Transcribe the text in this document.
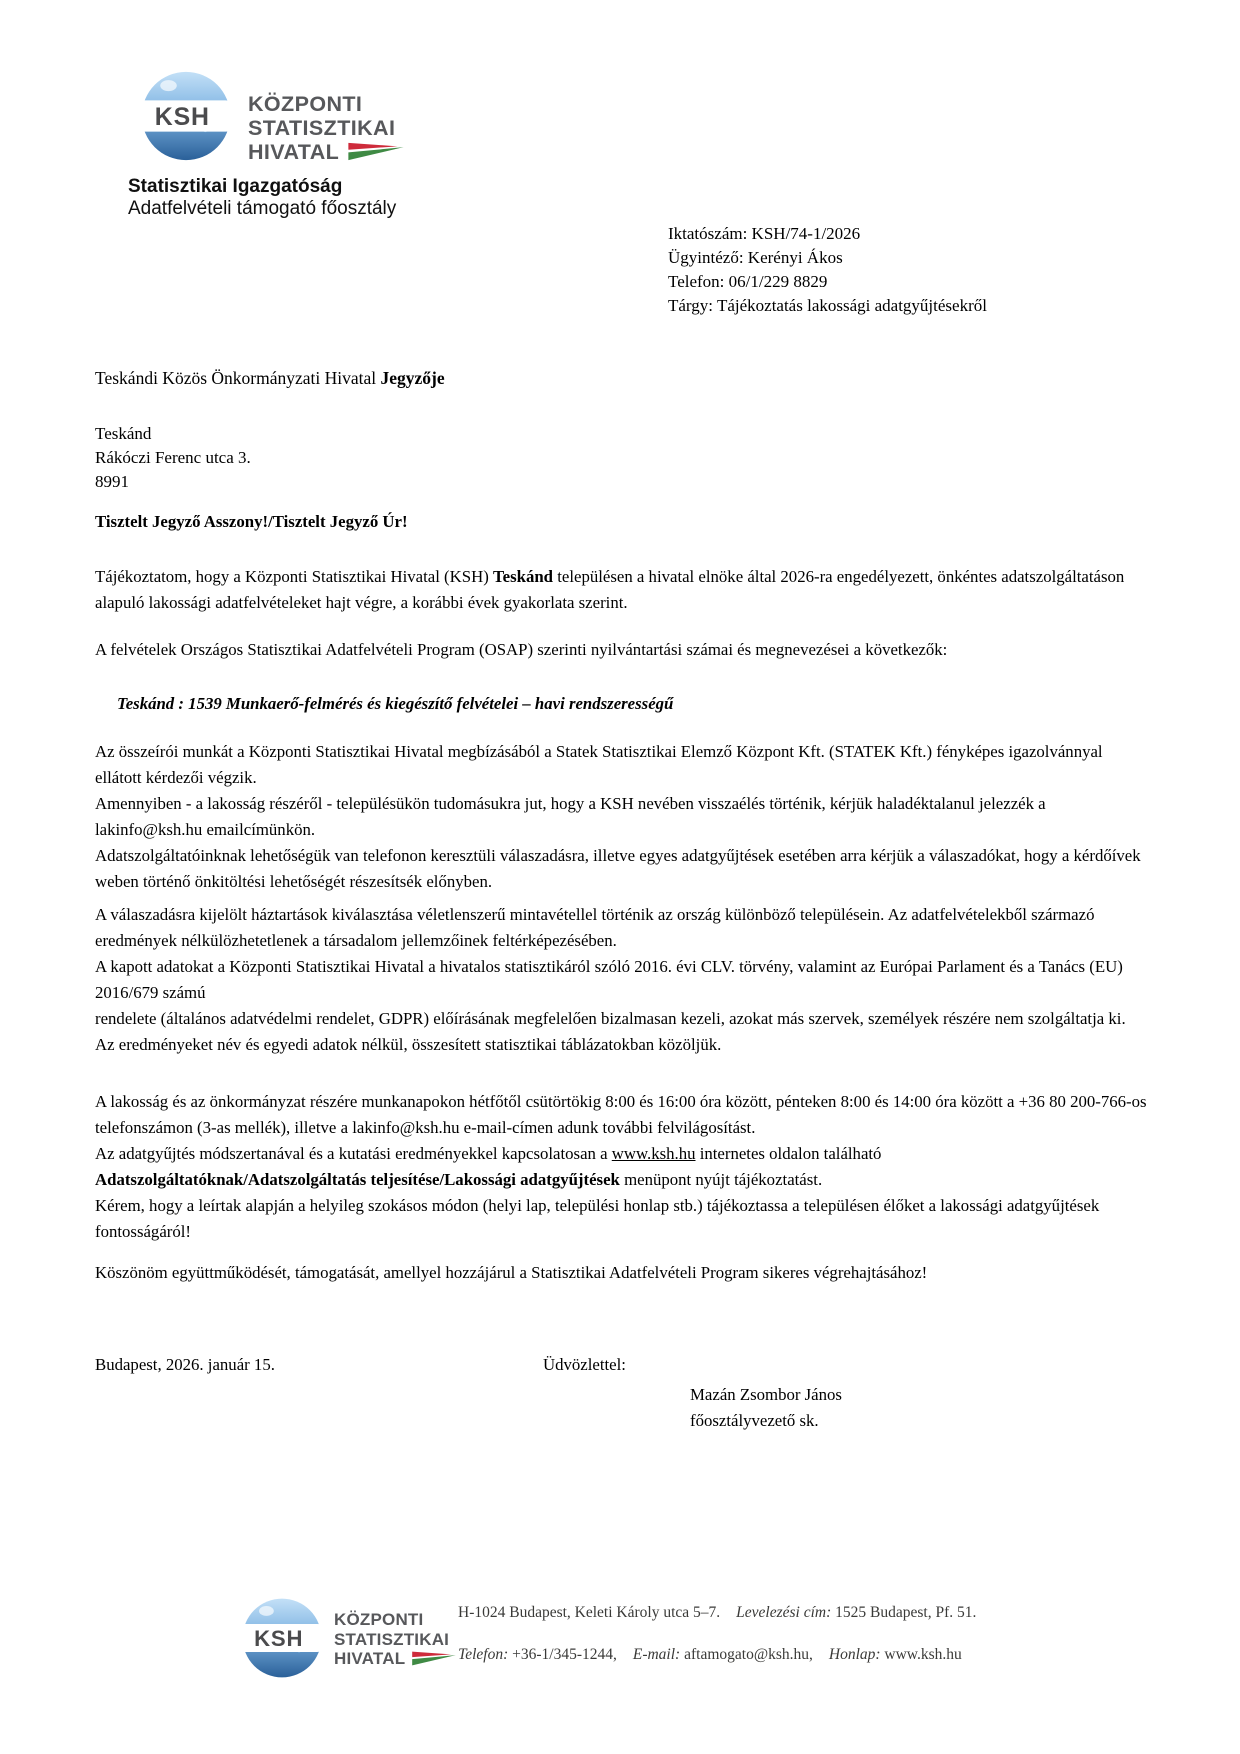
KSH
KÖZPONTI
STATISZTIKAI
HIVATAL
Statisztikai Igazgatóság
Adatfelvételi támogató főosztály
Iktatószám: KSH/74-1/2026
Ügyintéző: Kerényi Ákos
Telefon: 06/1/229 8829
Tárgy: Tájékoztatás lakossági adatgyűjtésekről
Teskándi Közös Önkormányzati Hivatal Jegyzője
Teskánd
Rákóczi Ferenc utca 3.
8991
Tisztelt Jegyző Asszony!/Tisztelt Jegyző Úr!
Tájékoztatom, hogy a Központi Statisztikai Hivatal (KSH) Teskánd településen a hivatal elnöke által 2026-ra engedélyezett, önkéntes adatszolgáltatáson alapuló lakossági adatfelvételeket hajt végre, a korábbi évek gyakorlata szerint.
A felvételek Országos Statisztikai Adatfelvételi Program (OSAP) szerinti nyilvántartási számai és megnevezései a következők:
Teskánd : 1539 Munkaerő-felmérés és kiegészítő felvételei – havi rendszerességű
Az összeírói munkát a Központi Statisztikai Hivatal megbízásából a Statek Statisztikai Elemző Központ Kft. (STATEK Kft.) fényképes igazolvánnyal ellátott kérdezői végzik.
Amennyiben - a lakosság részéről - településükön tudomásukra jut, hogy a KSH nevében visszaélés történik, kérjük haladéktalanul jelezzék a lakinfo@ksh.hu emailcímünkön.
Adatszolgáltatóinknak lehetőségük van telefonon keresztüli válaszadásra, illetve egyes adatgyűjtések esetében arra kérjük a válaszadókat, hogy a kérdőívek weben történő önkitöltési lehetőségét részesítsék előnyben.
A válaszadásra kijelölt háztartások kiválasztása véletlenszerű mintavétellel történik az ország különböző településein. Az adatfelvételekből származó eredmények nélkülözhetetlenek a társadalom jellemzőinek feltérképezésében.
A kapott adatokat a Központi Statisztikai Hivatal a hivatalos statisztikáról szóló 2016. évi CLV. törvény, valamint az Európai Parlament és a Tanács (EU) 2016/679 számú
rendelete (általános adatvédelmi rendelet, GDPR) előírásának megfelelően bizalmasan kezeli, azokat más szervek, személyek részére nem szolgáltatja ki.
Az eredményeket név és egyedi adatok nélkül, összesített statisztikai táblázatokban közöljük.
A lakosság és az önkormányzat részére munkanapokon hétfőtől csütörtökig 8:00 és 16:00 óra között, pénteken 8:00 és 14:00 óra között a +36 80 200-766-os telefonszámon (3-as mellék), illetve a lakinfo@ksh.hu e-mail-címen adunk további felvilágosítást.
Az adatgyűjtés módszertanával és a kutatási eredményekkel kapcsolatosan a www.ksh.hu internetes oldalon található Adatszolgáltatóknak/Adatszolgáltatás teljesítése/Lakossági adatgyűjtések menüpont nyújt tájékoztatást.
Kérem, hogy a leírtak alapján a helyileg szokásos módon (helyi lap, települési honlap stb.) tájékoztassa a településen élőket a lakossági adatgyűjtések fontosságáról!
Köszönöm együttműködését, támogatását, amellyel hozzájárul a Statisztikai Adatfelvételi Program sikeres végrehajtásához!
Budapest, 2026. január 15.	Üdvözlettel:
Mazán Zsombor János
főosztályvezető sk.
KSH
KÖZPONTI
STATISZTIKAI
HIVATAL
H-1024 Budapest, Keleti Károly utca 5–7. Levelezési cím: 1525 Budapest, Pf. 51.
Telefon: +36-1/345-1244, E-mail: aftamogato@ksh.hu, Honlap: www.ksh.hu
